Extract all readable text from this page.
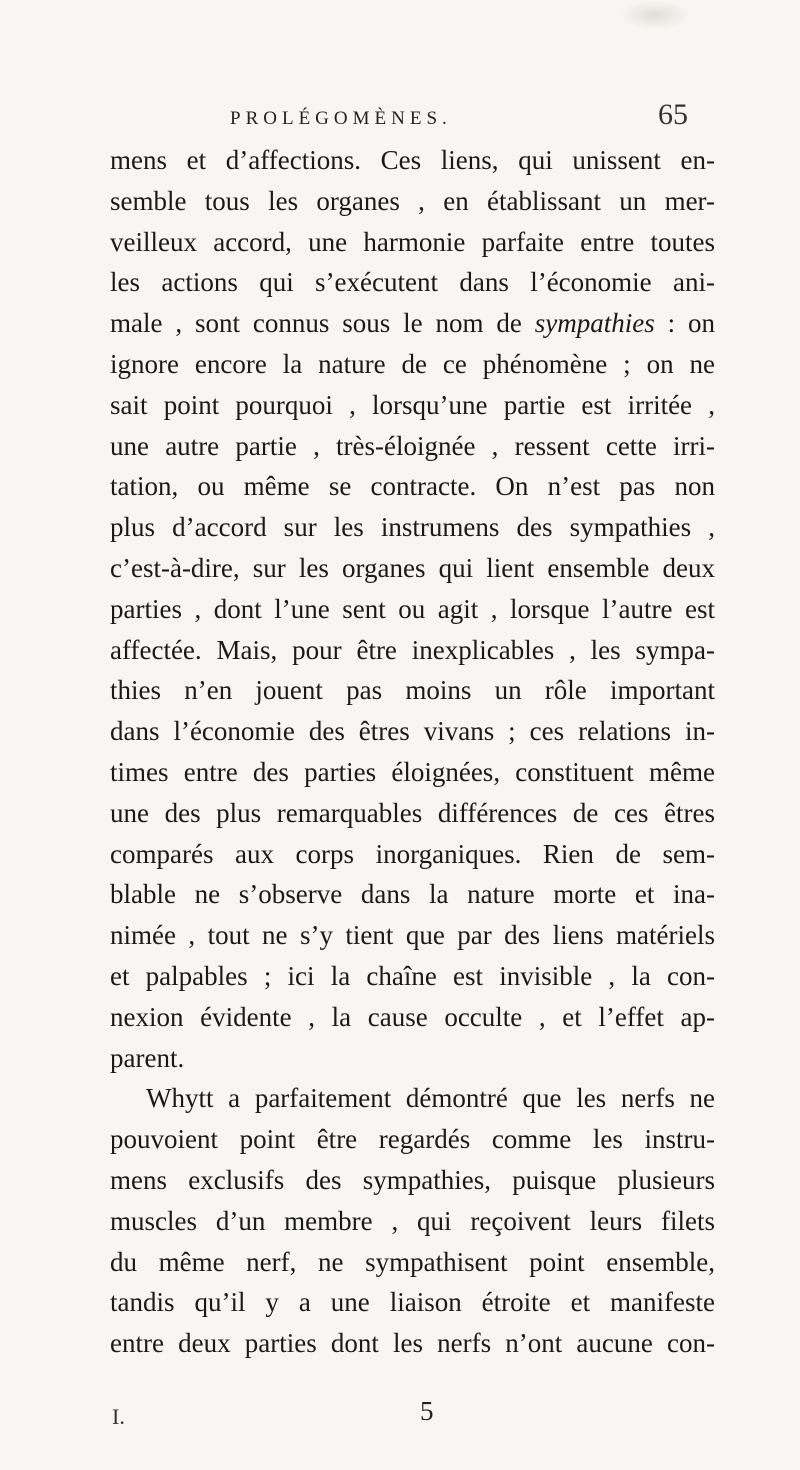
PROLÉGOMÈNES.	65
mens et d’affections. Ces liens, qui unissent en-
semble tous les organes , en établissant un mer-
veilleux accord, une harmonie parfaite entre toutes
les actions qui s’exécutent dans l’économie ani-
male , sont connus sous le nom de sympathies : on
ignore encore la nature de ce phénomène ; on ne
sait point pourquoi , lorsqu’une partie est irritée ,
une autre partie , très-éloignée , ressent cette irri-
tation, ou même se contracte. On n’est pas non
plus d’accord sur les instrumens des sympathies ,
c’est-à-dire, sur les organes qui lient ensemble deux
parties , dont l’une sent ou agit , lorsque l’autre est
affectée. Mais, pour être inexplicables , les sympa-
thies n’en jouent pas moins un rôle important
dans l’économie des êtres vivans ; ces relations in-
times entre des parties éloignées, constituent même
une des plus remarquables différences de ces êtres
comparés aux corps inorganiques. Rien de sem-
blable ne s’observe dans la nature morte et ina-
nimée , tout ne s’y tient que par des liens matériels
et palpables ; ici la chaîne est invisible , la con-
nexion évidente , la cause occulte , et l’effet ap-
parent.
Whytt a parfaitement démontré que les nerfs ne
pouvoient point être regardés comme les instru-
mens exclusifs des sympathies, puisque plusieurs
muscles d’un membre , qui reçoivent leurs filets
du même nerf, ne sympathisent point ensemble,
tandis qu’il y a une liaison étroite et manifeste
entre deux parties dont les nerfs n’ont aucune con-
I.	5
